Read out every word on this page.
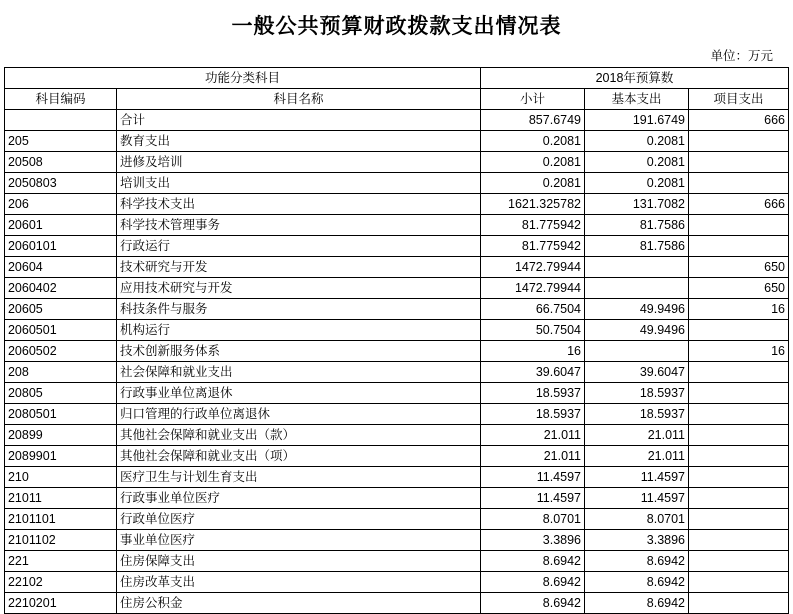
一般公共预算财政拨款支出情况表
单位：万元
功能分类科目		2018年预算数		
科目编码	科目名称	小计	基本支出	项目支出
	合计	857.6749	191.6749	666
205	教育支出	0.2081	0.2081	
20508	进修及培训	0.2081	0.2081	
2050803	培训支出	0.2081	0.2081	
206	科学技术支出	1621.325782	131.7082	666
20601	科学技术管理事务	81.775942	81.7586	
2060101	行政运行	81.775942	81.7586	
20604	技术研究与开发	1472.79944		650
2060402	应用技术研究与开发	1472.79944		650
20605	科技条件与服务	66.7504	49.9496	16
2060501	机构运行	50.7504	49.9496	
2060502	技术创新服务体系	16		16
208	社会保障和就业支出	39.6047	39.6047	
20805	行政事业单位离退休	18.5937	18.5937	
2080501	归口管理的行政单位离退休	18.5937	18.5937	
20899	其他社会保障和就业支出（款）	21.011	21.011	
2089901	其他社会保障和就业支出（项）	21.011	21.011	
210	医疗卫生与计划生育支出	11.4597	11.4597	
21011	行政事业单位医疗	11.4597	11.4597	
2101101	行政单位医疗	8.0701	8.0701	
2101102	事业单位医疗	3.3896	3.3896	
221	住房保障支出	8.6942	8.6942	
22102	住房改革支出	8.6942	8.6942	
2210201	住房公积金	8.6942	8.6942	
